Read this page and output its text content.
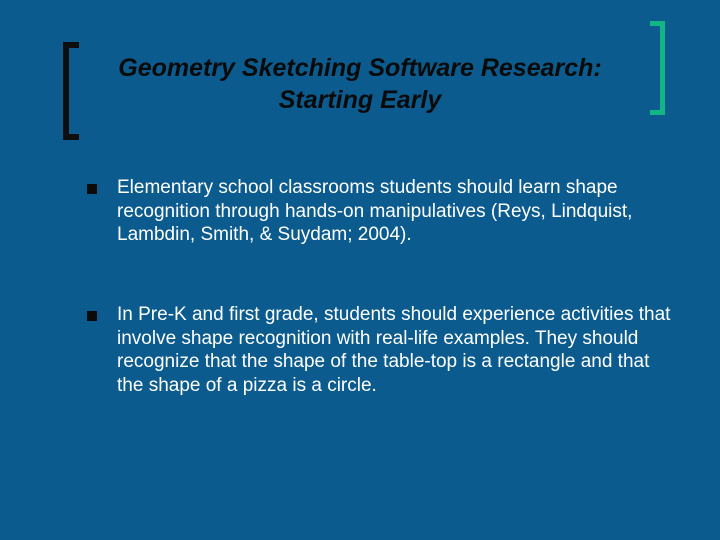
Geometry Sketching Software Research:
Starting Early
Elementary school classrooms students should learn shape recognition through hands-on manipulatives (Reys, Lindquist, Lambdin, Smith, & Suydam; 2004).
In Pre-K and first grade, students should experience activities that involve shape recognition with real-life examples. They should recognize that the shape of the table-top is a rectangle and that the shape of a pizza is a circle.
